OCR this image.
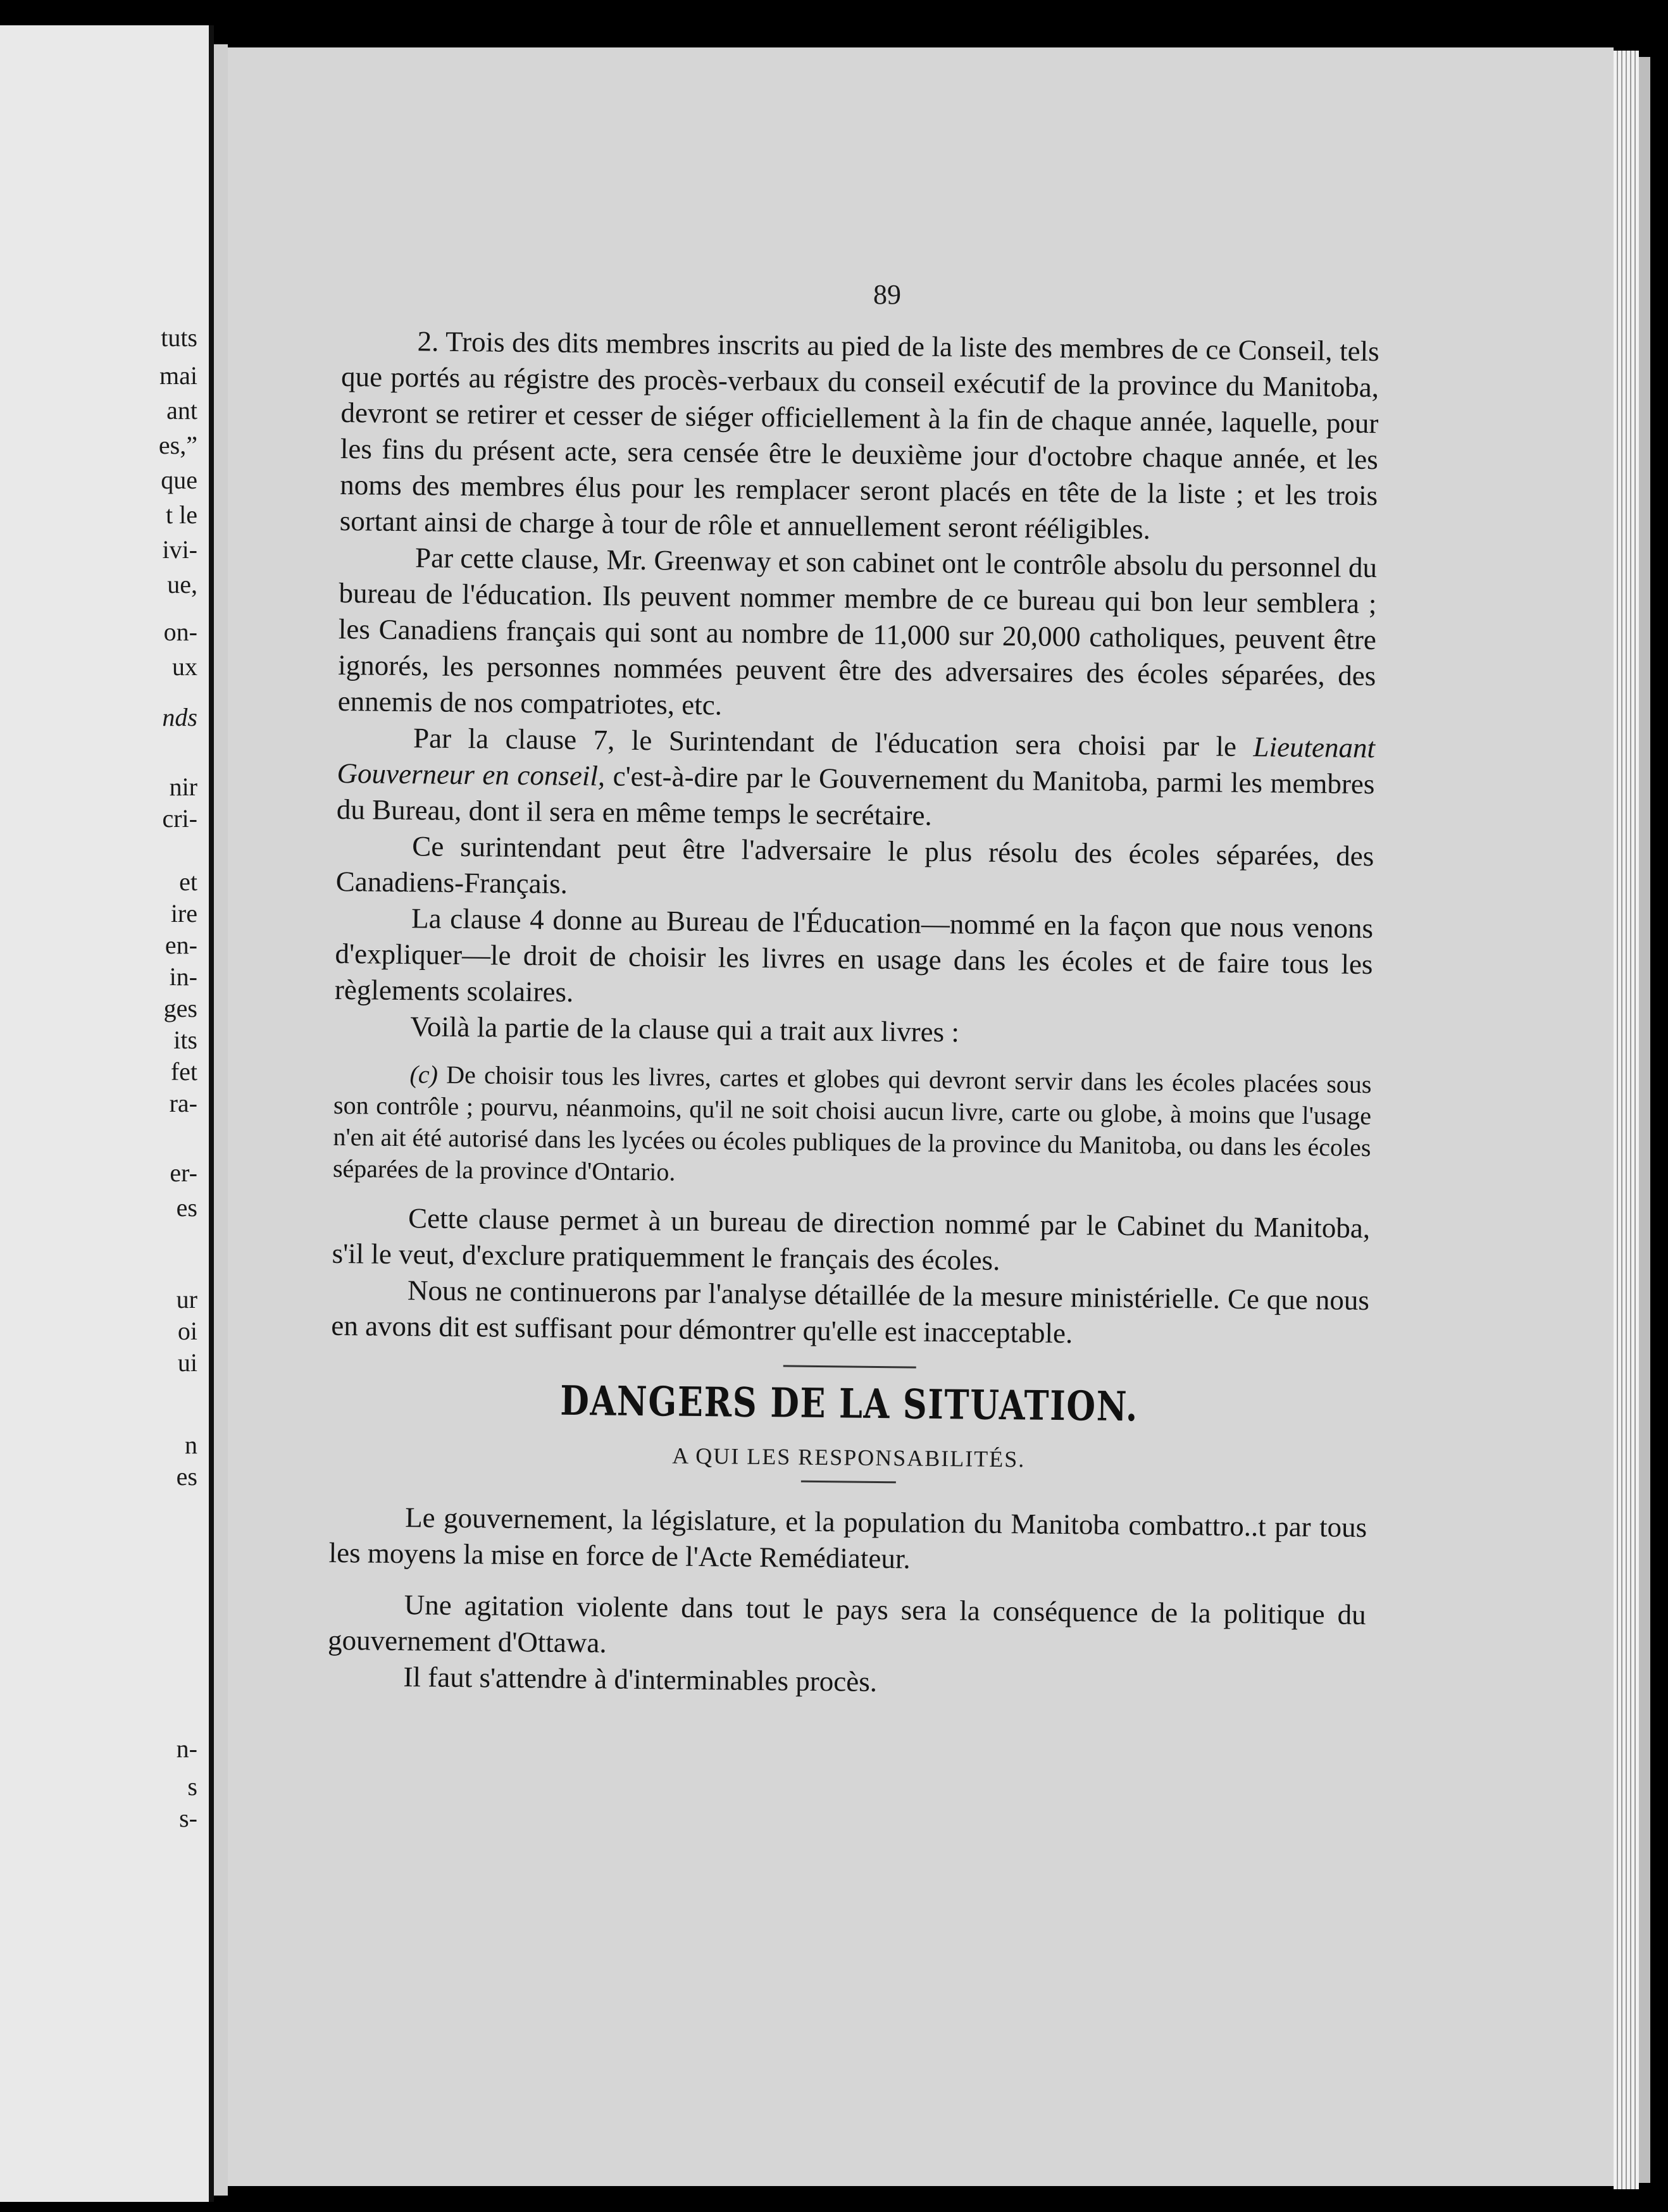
tuts
mai
ant
es,”
que
t le
ivi-
ue,
on-
ux
nds
nir
cri-
et
ire
en-
in-
ges
its
fet
ra-
er-
es
ur
oi
ui
n
es
n-
s
s-
89

2. Trois des dits membres inscrits au pied de la liste des membres de ce Conseil, tels que portés au régistre des procès-verbaux du conseil exécutif de la province du Manitoba, devront se retirer et cesser de siéger officiellement à la fin de chaque année, laquelle, pour les fins du présent acte, sera censée être le deuxième jour d'octobre chaque année, et les noms des membres élus pour les remplacer seront placés en tête de la liste ; et les trois sortant ainsi de charge à tour de rôle et annuellement seront rééligibles.

Par cette clause, Mr. Greenway et son cabinet ont le contrôle absolu du personnel du bureau de l'éducation. Ils peuvent nommer membre de ce bureau qui bon leur semblera ; les Canadiens français qui sont au nombre de 11,000 sur 20,000 catholiques, peuvent être ignorés, les personnes nommées peuvent être des adversaires des écoles séparées, des ennemis de nos compatriotes, etc.

Par la clause 7, le Surintendant de l'éducation sera choisi par le Lieutenant Gouverneur en conseil, c'est-à-dire par le Gouvernement du Manitoba, parmi les membres du Bureau, dont il sera en même temps le secrétaire.

Ce surintendant peut être l'adversaire le plus résolu des écoles séparées, des Canadiens-Français.

La clause 4 donne au Bureau de l'Éducation—nommé en la façon que nous venons d'expliquer—le droit de choisir les livres en usage dans les écoles et de faire tous les règlements scolaires.

Voilà la partie de la clause qui a trait aux livres :

(c) De choisir tous les livres, cartes et globes qui devront servir dans les écoles placées sous son contrôle ; pourvu, néanmoins, qu'il ne soit choisi aucun livre, carte ou globe, à moins que l'usage n'en ait été autorisé dans les lycées ou écoles publiques de la province du Manitoba, ou dans les écoles séparées de la province d'Ontario.

Cette clause permet à un bureau de direction nommé par le Cabinet du Manitoba, s'il le veut, d'exclure pratiquemment le français des écoles.

Nous ne continuerons par l'analyse détaillée de la mesure ministérielle. Ce que nous en avons dit est suffisant pour démontrer qu'elle est inacceptable.

DANGERS DE LA SITUATION.
A QUI LES RESPONSABILITÉS.

Le gouvernement, la législature, et la population du Manitoba combattro..t par tous les moyens la mise en force de l'Acte Remédiateur.

Une agitation violente dans tout le pays sera la conséquence de la politique du gouvernement d'Ottawa.

Il faut s'attendre à d'interminables procès.
